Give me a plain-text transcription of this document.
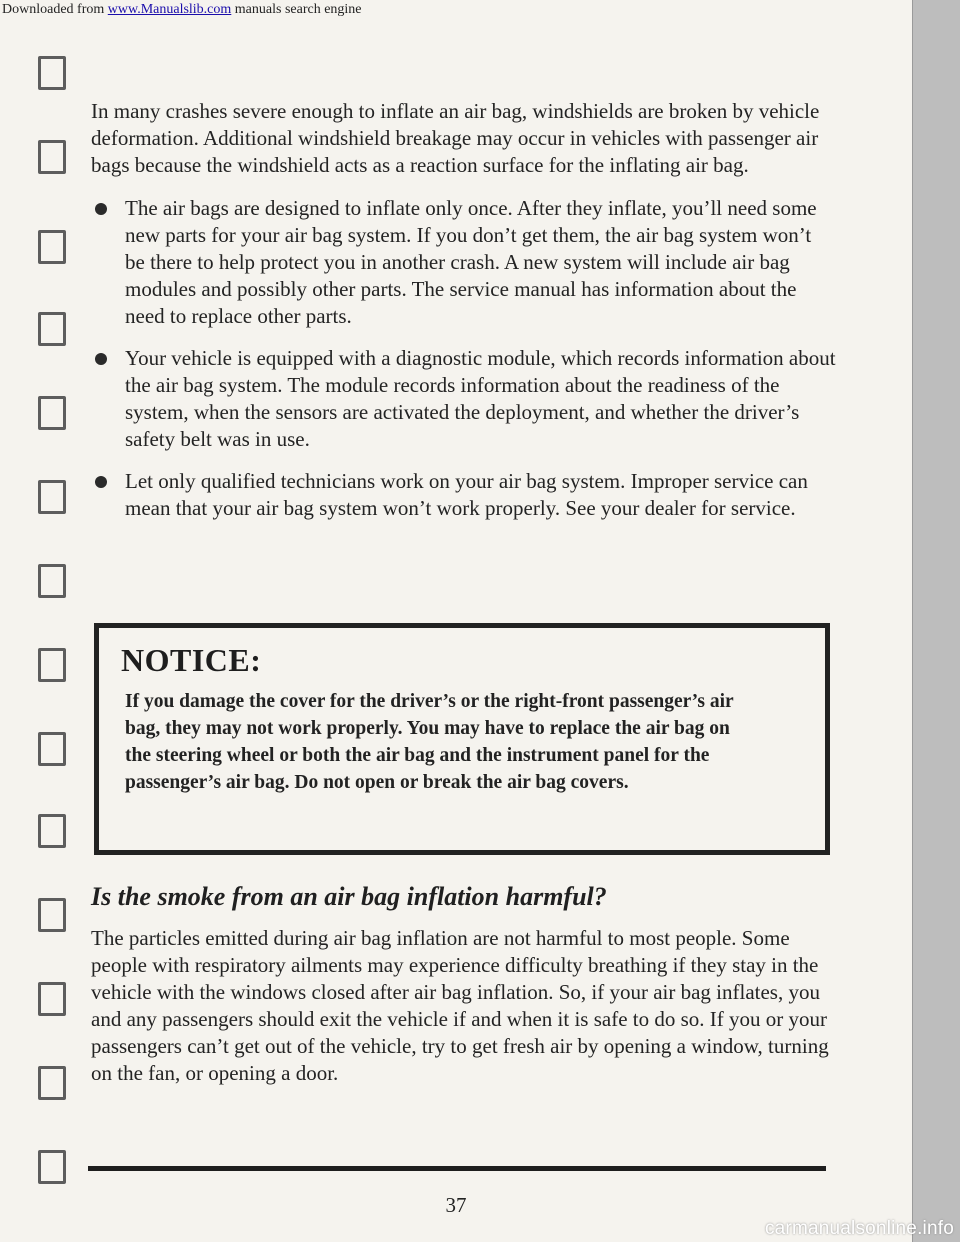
In many crashes severe enough to inflate an air bag, windshields are broken by vehicle deformation. Additional windshield breakage may occur in vehicles with passenger air bags because the windshield acts as a reaction surface for the inflating air bag.

The air bags are designed to inflate only once. After they inflate, you’ll need some new parts for your air bag system. If you don’t get them, the air bag system won’t be there to help protect you in another crash. A new system will include air bag modules and possibly other parts. The service manual has information about the need to replace other parts.
Your vehicle is equipped with a diagnostic module, which records information about the air bag system. The module records information about the readiness of the system, when the sensors are activated the deployment, and whether the driver’s safety belt was in use.
Let only qualified technicians work on your air bag system. Improper service can mean that your air bag system won’t work properly. See your dealer for service.
NOTICE:
If you damage the cover for the driver’s or the right-front passenger’s air bag, they may not work properly. You may have to replace the air bag on the steering wheel or both the air bag and the instrument panel for the passenger’s air bag. Do not open or break the air bag covers.
Is the smoke from an air bag inflation harmful?

The particles emitted during air bag inflation are not harmful to most people. Some people with respiratory ailments may experience difficulty breathing if they stay in the vehicle with the windows closed after air bag inflation. So, if your air bag inflates, you and any passengers should exit the vehicle if and when it is safe to do so. If you or your passengers can’t get out of the vehicle, try to get fresh air by opening a window, turning on the fan, or opening a door.

37
Downloaded from www.Manualslib.com manuals search engine
carmanualsonline.info
